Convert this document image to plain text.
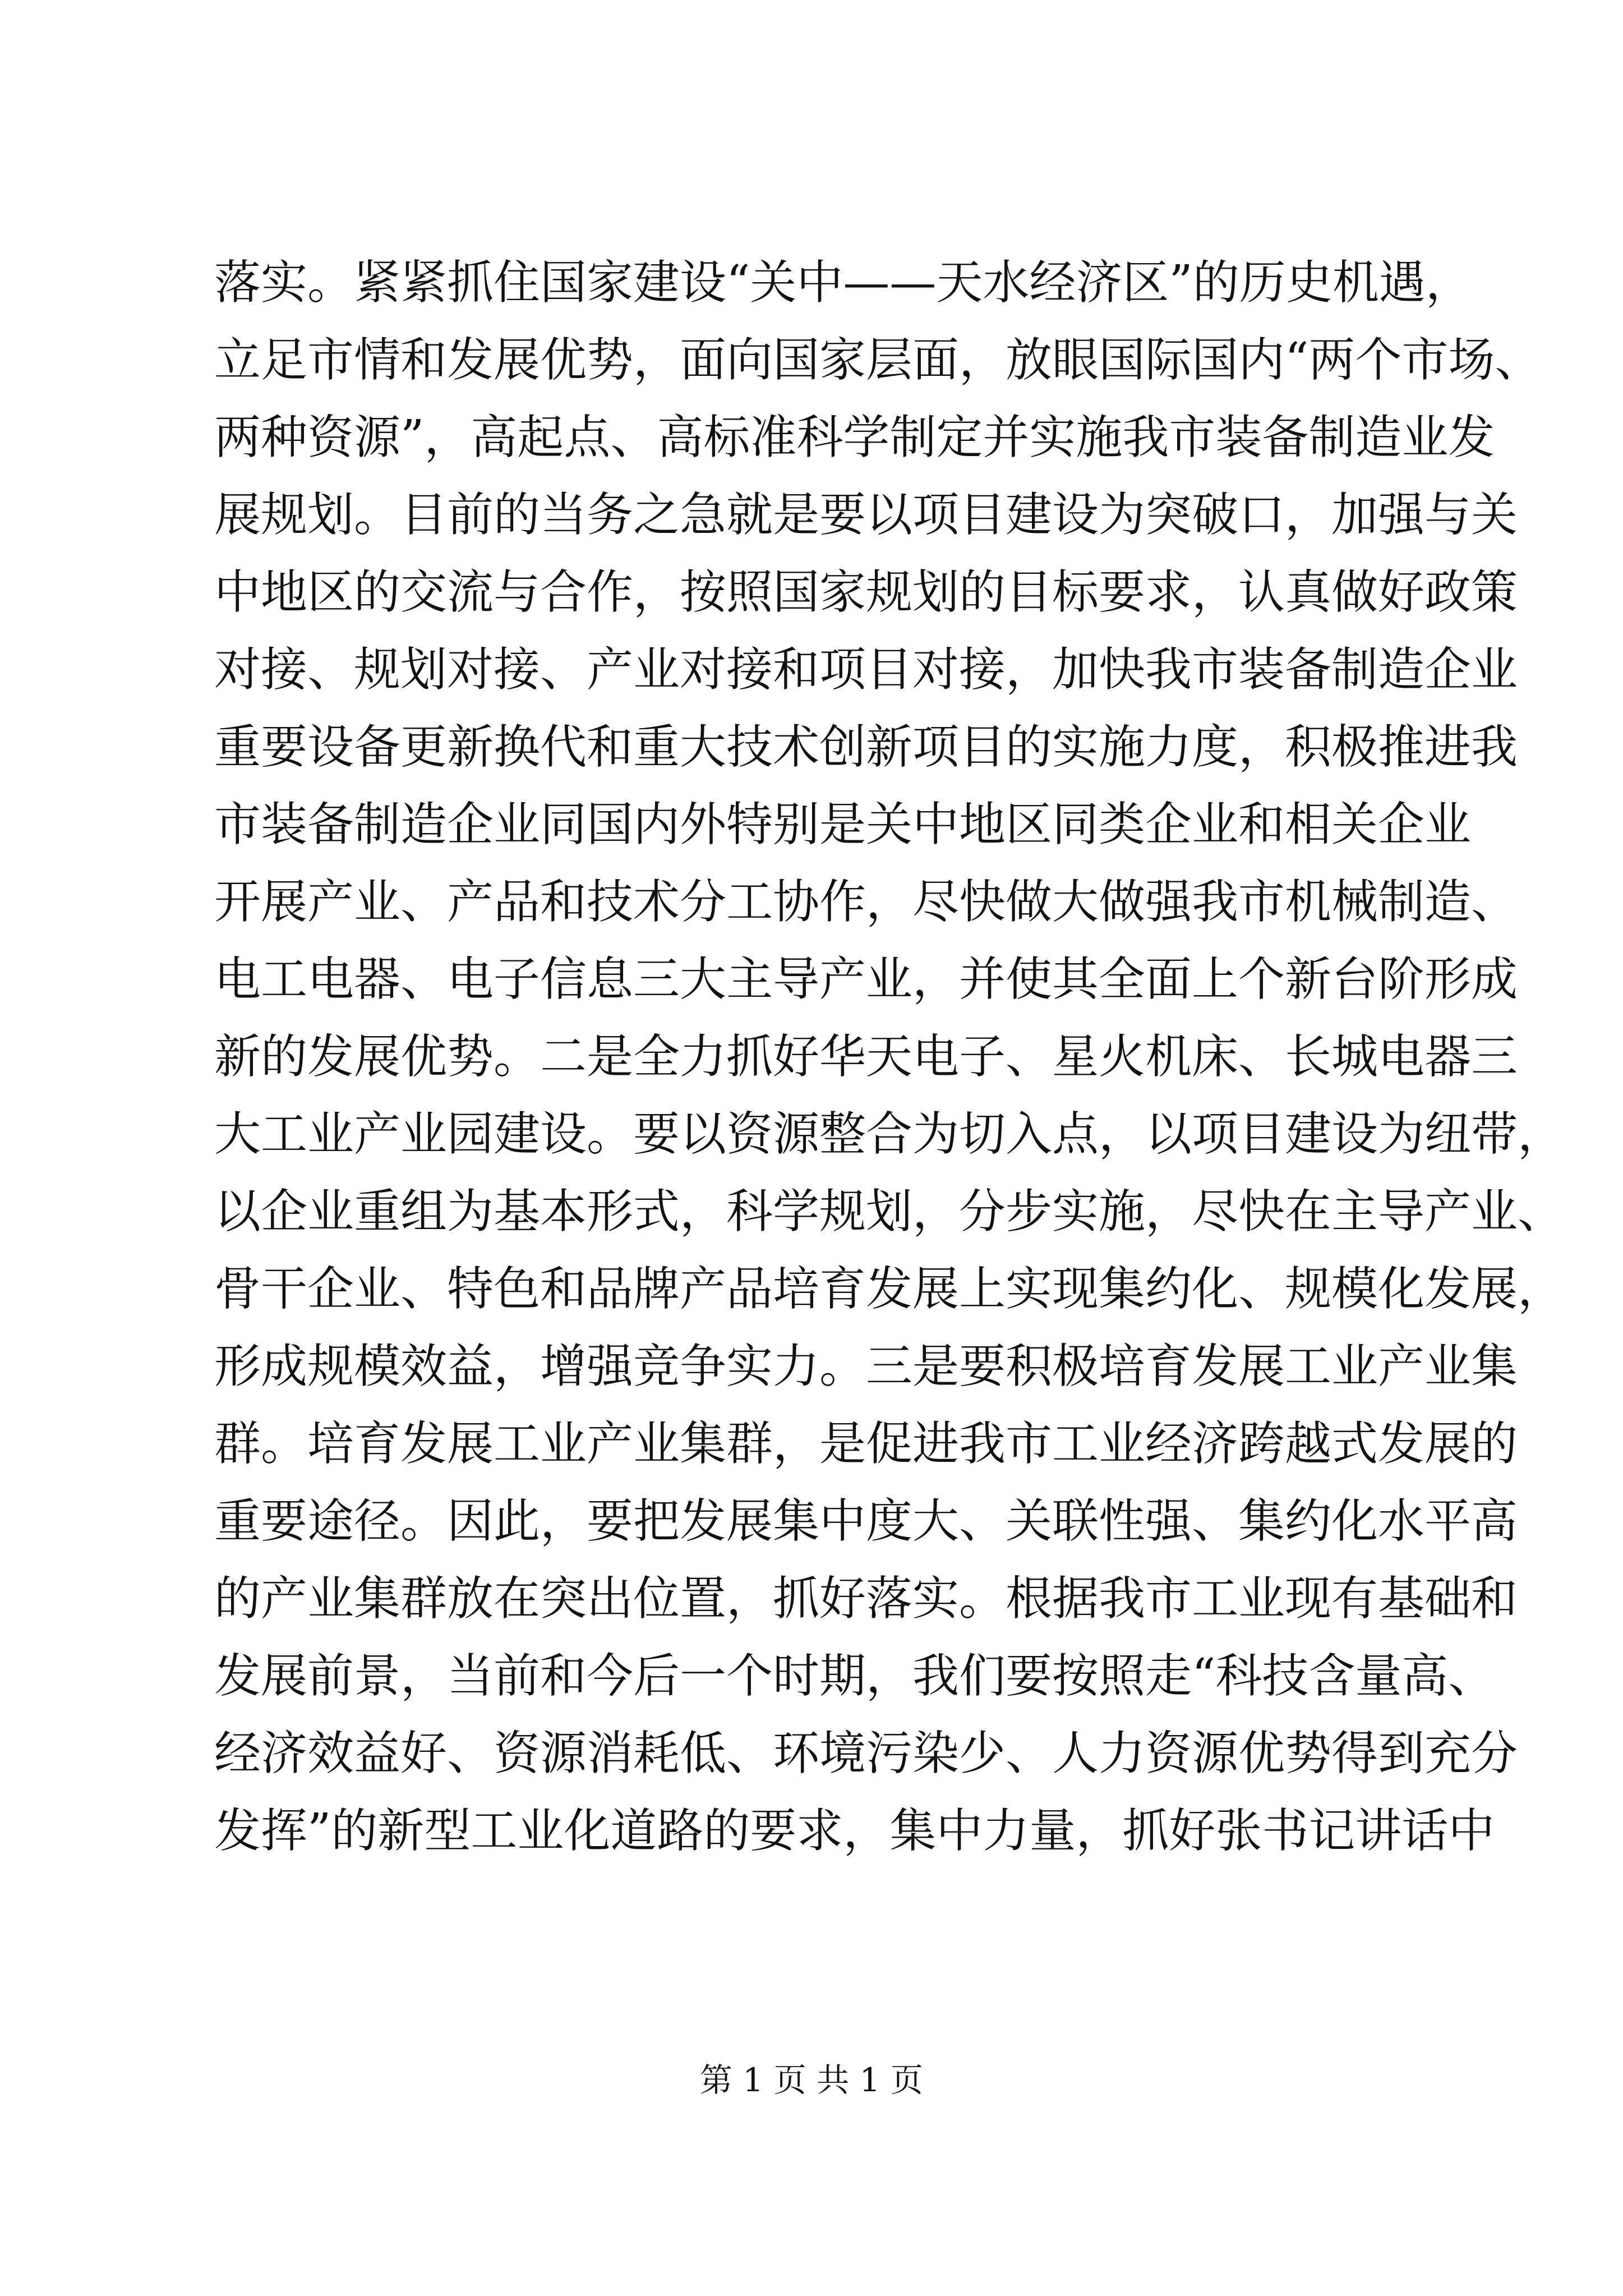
落实。紧紧抓住国家建设“关中——天水经济区”的历史机遇，
立足市情和发展优势，面向国家层面，放眼国际国内“两个市场、
两种资源”，高起点、高标准科学制定并实施我市装备制造业发
展规划。目前的当务之急就是要以项目建设为突破口，加强与关
中地区的交流与合作，按照国家规划的目标要求，认真做好政策
对接、规划对接、产业对接和项目对接，加快我市装备制造企业
重要设备更新换代和重大技术创新项目的实施力度，积极推进我
市装备制造企业同国内外特别是关中地区同类企业和相关企业
开展产业、产品和技术分工协作，尽快做大做强我市机械制造、
电工电器、电子信息三大主导产业，并使其全面上个新台阶形成
新的发展优势。二是全力抓好华天电子、星火机床、长城电器三
大工业产业园建设。要以资源整合为切入点，以项目建设为纽带，
以企业重组为基本形式，科学规划，分步实施，尽快在主导产业、
骨干企业、特色和品牌产品培育发展上实现集约化、规模化发展，
形成规模效益，增强竞争实力。三是要积极培育发展工业产业集
群。培育发展工业产业集群，是促进我市工业经济跨越式发展的
重要途径。因此，要把发展集中度大、关联性强、集约化水平高
的产业集群放在突出位置，抓好落实。根据我市工业现有基础和
发展前景，当前和今后一个时期，我们要按照走“科技含量高、
经济效益好、资源消耗低、环境污染少、人力资源优势得到充分
发挥”的新型工业化道路的要求，集中力量，抓好张书记讲话中
第 1 页 共 1 页
